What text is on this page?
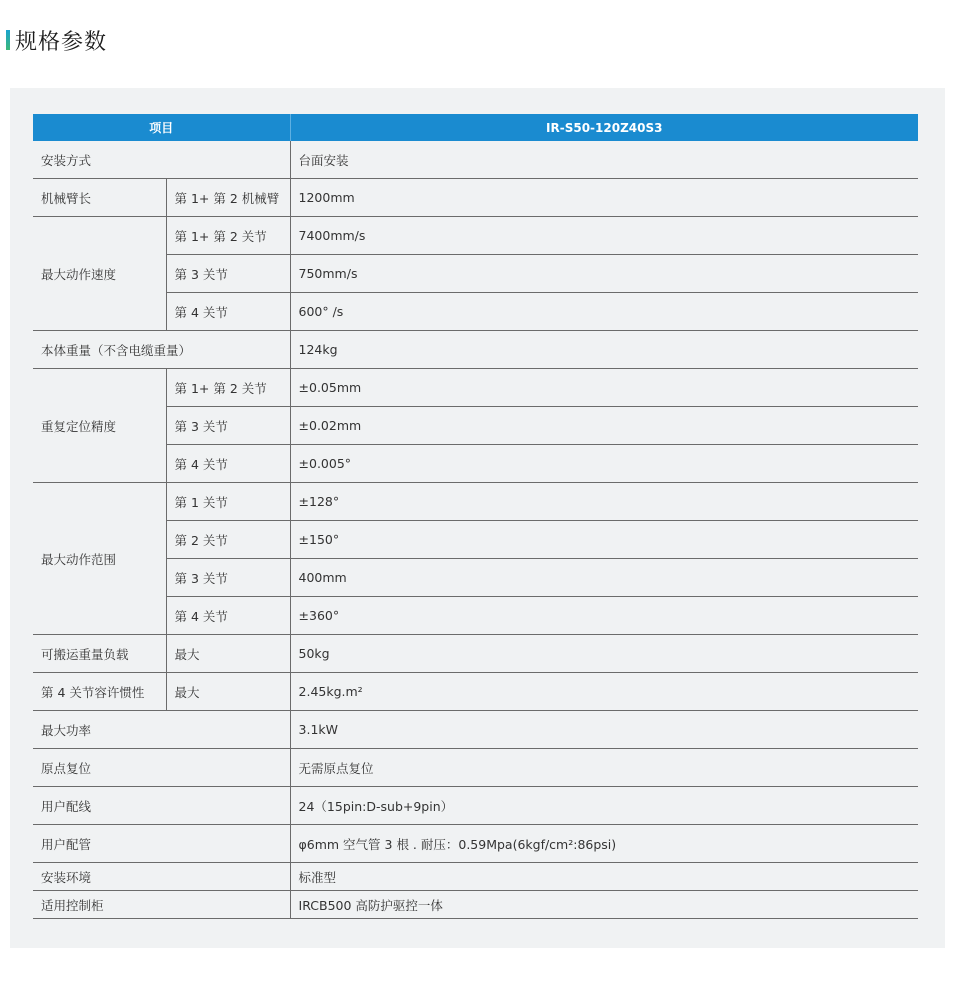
规格参数
项目		IR-S50-120Z40S3
安装方式		台面安装
机械臂长	第 1+ 第 2 机械臂	1200mm
最大动作速度	第 1+ 第 2 关节	7400mm/s
	第 3 关节	750mm/s
	第 4 关节	600° /s
本体重量（不含电缆重量）		124kg
重复定位精度	第 1+ 第 2 关节	±0.05mm
	第 3 关节	±0.02mm
	第 4 关节	±0.005°
最大动作范围	第 1 关节	±128°
	第 2 关节	±150°
	第 3 关节	400mm
	第 4 关节	±360°
可搬运重量负载	最大	50kg
第 4 关节容许惯性	最大	2.45kg.m²
最大功率		3.1kW
原点复位		无需原点复位
用户配线		24（15pin:D-sub+9pin）
用户配管		φ6mm 空气管 3 根 . 耐压：0.59Mpa(6kgf/cm²:86psi)
安装环境		标准型
适用控制柜		IRCB500 高防护驱控一体
